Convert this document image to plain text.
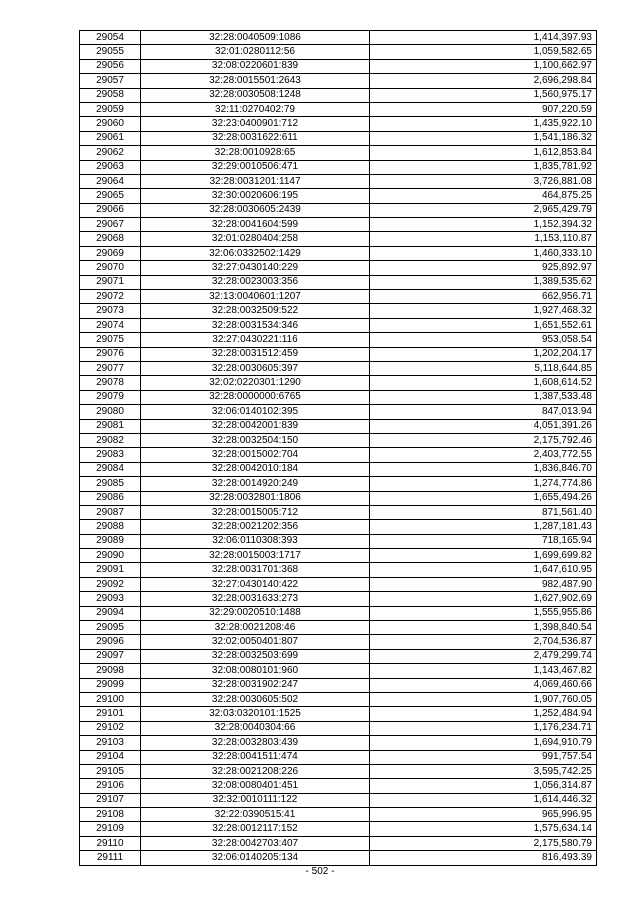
29054	32:28:0040509:1086	1,414,397.93
29055	32:01:0280112:56	1,059,582.65
29056	32:08:0220601:839	1,100,662.97
29057	32:28:0015501:2643	2,696,298.84
29058	32:28:0030508:1248	1,560,975.17
29059	32:11:0270402:79	907,220.59
29060	32:23:0400901:712	1,435,922.10
29061	32:28:0031622:611	1,541,186.32
29062	32:28:0010928:65	1,612,853.84
29063	32:29:0010506:471	1,835,781.92
29064	32:28:0031201:1147	3,726,881.08
29065	32:30:0020606:195	464,875.25
29066	32:28:0030605:2439	2,965,429.79
29067	32:28:0041604:599	1,152,394.32
29068	32:01:0280404:258	1,153,110.87
29069	32:06:0332502:1429	1,460,333.10
29070	32:27:0430140:229	925,892.97
29071	32:28:0023003:356	1,389,535.62
29072	32:13:0040601:1207	662,956.71
29073	32:28:0032509:522	1,927,468.32
29074	32:28:0031534:346	1,651,552.61
29075	32:27:0430221:116	953,058.54
29076	32:28:0031512:459	1,202,204.17
29077	32:28:0030605:397	5,118,644.85
29078	32:02:0220301:1290	1,608,614.52
29079	32:28:0000000:6765	1,387,533.48
29080	32:06:0140102:395	847,013.94
29081	32:28:0042001:839	4,051,391.26
29082	32:28:0032504:150	2,175,792.46
29083	32:28:0015002:704	2,403,772.55
29084	32:28:0042010:184	1,836,846.70
29085	32:28:0014920:249	1,274,774.86
29086	32:28:0032801:1806	1,655,494.26
29087	32:28:0015005:712	871,561.40
29088	32:28:0021202:356	1,287,181.43
29089	32:06:0110308:393	718,165.94
29090	32:28:0015003:1717	1,699,699.82
29091	32:28:0031701:368	1,647,610.95
29092	32:27:0430140:422	982,487.90
29093	32:28:0031633:273	1,627,902.69
29094	32:29:0020510:1488	1,555,955.86
29095	32:28:0021208:46	1,398,840.54
29096	32:02:0050401:807	2,704,536.87
29097	32:28:0032503:699	2,479,299.74
29098	32:08:0080101:960	1,143,467.82
29099	32:28:0031902:247	4,069,460.66
29100	32:28:0030605:502	1,907,760.05
29101	32:03:0320101:1525	1,252,484.94
29102	32:28:0040304:66	1,176,234.71
29103	32:28:0032803:439	1,694,910.79
29104	32:28:0041511:474	991,757.54
29105	32:28:0021208:226	3,595,742.25
29106	32:08:0080401:451	1,056,314.87
29107	32:32:0010111:122	1,614,446.32
29108	32:22:0390515:41	965,996.95
29109	32:28:0012117:152	1,575,634.14
29110	32:28:0042703:407	2,175,580.79
29111	32:06:0140205:134	816,493.39
- 502 -
